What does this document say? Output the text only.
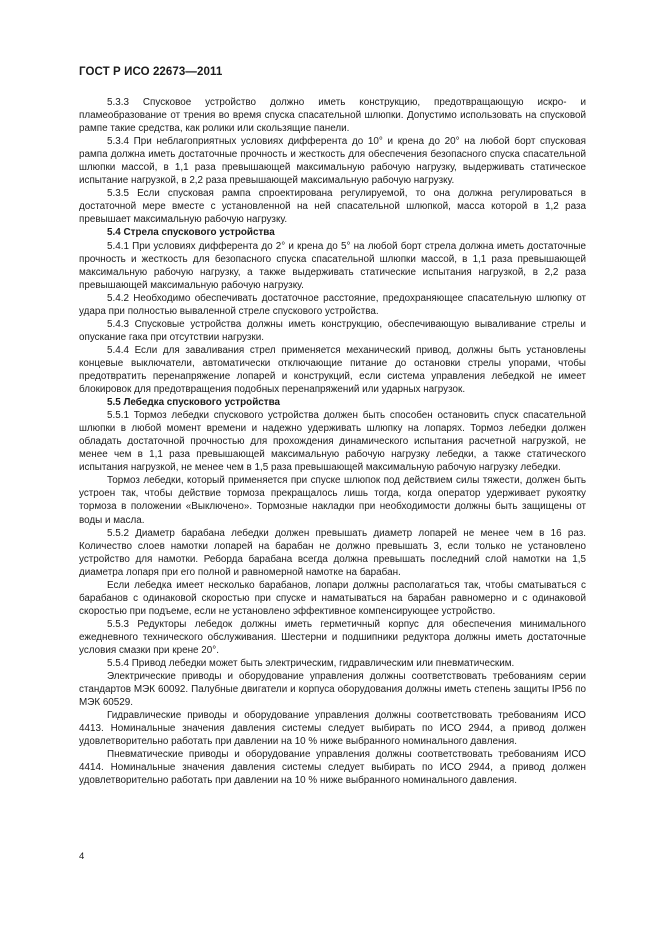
ГОСТ Р ИСО 22673—2011

5.3.3 Спусковое устройство должно иметь конструкцию, предотвращающую искро- и пламеобразование от трения во время спуска спасательной шлюпки. Допустимо использовать на спусковой рампе такие средства, как ролики или скользящие панели.

5.3.4 При неблагоприятных условиях дифферента до 10° и крена до 20° на любой борт спусковая рампа должна иметь достаточные прочность и жесткость для обеспечения безопасного спуска спасательной шлюпки массой, в 1,1 раза превышающей максимальную рабочую нагрузку, выдерживать статическое испытание нагрузкой, в 2,2 раза превышающей максимальную рабочую нагрузку.

5.3.5 Если спусковая рампа спроектирована регулируемой, то она должна регулироваться в достаточной мере вместе с установленной на ней спасательной шлюпкой, масса которой в 1,2 раза превышает максимальную рабочую нагрузку.

5.4 Стрела спускового устройства

5.4.1 При условиях дифферента до 2° и крена до 5° на любой борт стрела должна иметь достаточные прочность и жесткость для безопасного спуска спасательной шлюпки массой, в 1,1 раза превышающей максимальную рабочую нагрузку, а также выдерживать статические испытания нагрузкой, в 2,2 раза превышающей максимальную рабочую нагрузку.

5.4.2 Необходимо обеспечивать достаточное расстояние, предохраняющее спасательную шлюпку от удара при полностью вываленной стреле спускового устройства.

5.4.3 Спусковые устройства должны иметь конструкцию, обеспечивающую вываливание стрелы и опускание гака при отсутствии нагрузки.

5.4.4 Если для заваливания стрел применяется механический привод, должны быть установлены концевые выключатели, автоматически отключающие питание до остановки стрелы упорами, чтобы предотвратить перенапряжение лопарей и конструкций, если система управления лебедкой не имеет блокировок для предотвращения подобных перенапряжений или ударных нагрузок.

5.5 Лебедка спускового устройства

5.5.1 Тормоз лебедки спускового устройства должен быть способен остановить спуск спасательной шлюпки в любой момент времени и надежно удерживать шлюпку на лопарях. Тормоз лебедки должен обладать достаточной прочностью для прохождения динамического испытания расчетной нагрузкой, не менее чем в 1,1 раза превышающей максимальную рабочую нагрузку лебедки, а также статического испытания нагрузкой, не менее чем в 1,5 раза превышающей максимальную рабочую нагрузку лебедки.

Тормоз лебедки, который применяется при спуске шлюпок под действием силы тяжести, должен быть устроен так, чтобы действие тормоза прекращалось лишь тогда, когда оператор удерживает рукоятку тормоза в положении «Выключено». Тормозные накладки при необходимости должны быть защищены от воды и масла.

5.5.2 Диаметр барабана лебедки должен превышать диаметр лопарей не менее чем в 16 раз. Количество слоев намотки лопарей на барабан не должно превышать 3, если только не установлено устройство для намотки. Реборда барабана всегда должна превышать последний слой намотки на 1,5 диаметра лопаря при его полной и равномерной намотке на барабан.

Если лебедка имеет несколько барабанов, лопари должны располагаться так, чтобы сматываться с барабанов с одинаковой скоростью при спуске и наматываться на барабан равномерно и с одинаковой скоростью при подъеме, если не установлено эффективное компенсирующее устройство.

5.5.3 Редукторы лебедок должны иметь герметичный корпус для обеспечения минимального ежедневного технического обслуживания. Шестерни и подшипники редуктора должны иметь достаточные условия смазки при крене 20°.

5.5.4 Привод лебедки может быть электрическим, гидравлическим или пневматическим.

Электрические приводы и оборудование управления должны соответствовать требованиям серии стандартов МЭК 60092. Палубные двигатели и корпуса оборудования должны иметь степень защиты IP56 по МЭК 60529.

Гидравлические приводы и оборудование управления должны соответствовать требованиям ИСО 4413. Номинальные значения давления системы следует выбирать по ИСО 2944, а привод должен удовлетворительно работать при давлении на 10 % ниже выбранного номинального давления.

Пневматические приводы и оборудование управления должны соответствовать требованиям ИСО 4414. Номинальные значения давления системы следует выбирать по ИСО 2944, а привод должен удовлетворительно работать при давлении на 10 % ниже выбранного номинального давления.

4
